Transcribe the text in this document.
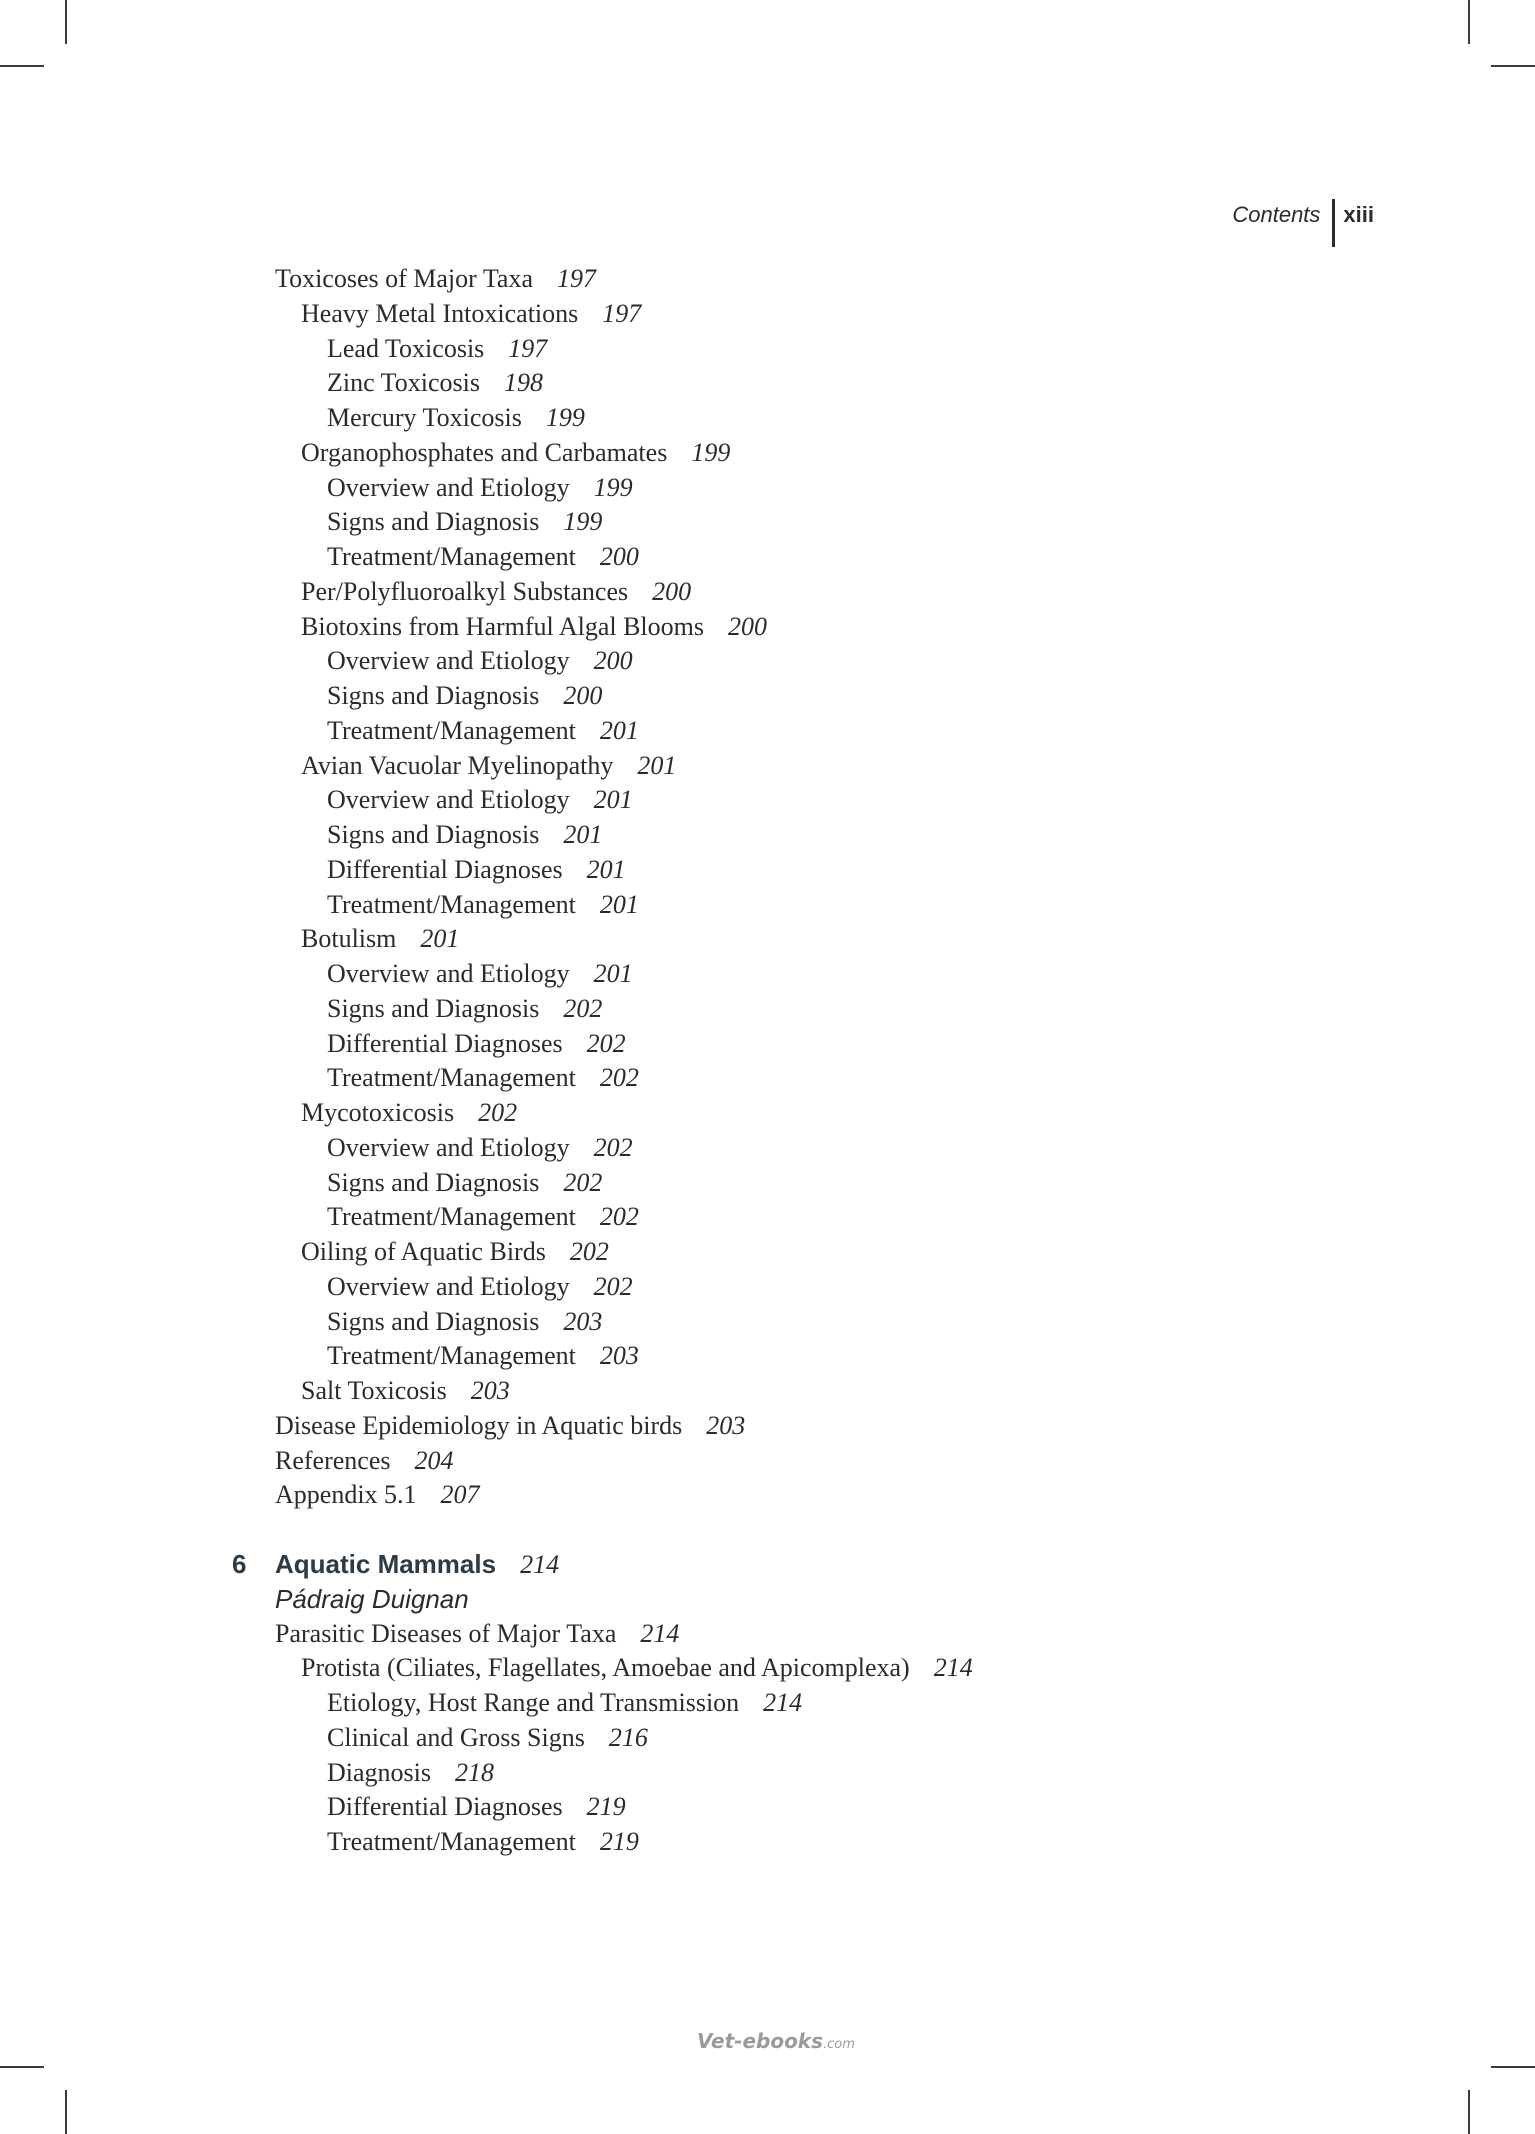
Contents	xiii
Toxicoses of Major Taxa 197
Heavy Metal Intoxications 197
Lead Toxicosis 197
Zinc Toxicosis 198
Mercury Toxicosis 199
Organophosphates and Carbamates 199
Overview and Etiology 199
Signs and Diagnosis 199
Treatment/Management 200
Per/Polyfluoroalkyl Substances 200
Biotoxins from Harmful Algal Blooms 200
Overview and Etiology 200
Signs and Diagnosis 200
Treatment/Management 201
Avian Vacuolar Myelinopathy 201
Overview and Etiology 201
Signs and Diagnosis 201
Differential Diagnoses 201
Treatment/Management 201
Botulism 201
Overview and Etiology 201
Signs and Diagnosis 202
Differential Diagnoses 202
Treatment/Management 202
Mycotoxicosis 202
Overview and Etiology 202
Signs and Diagnosis 202
Treatment/Management 202
Oiling of Aquatic Birds 202
Overview and Etiology 202
Signs and Diagnosis 203
Treatment/Management 203
Salt Toxicosis 203
Disease Epidemiology in Aquatic birds 203
References 204
Appendix 5.1 207
6 Aquatic Mammals 214
Pádraig Duignan
Parasitic Diseases of Major Taxa 214
Protista (Ciliates, Flagellates, Amoebae and Apicomplexa) 214
Etiology, Host Range and Transmission 214
Clinical and Gross Signs 216
Diagnosis 218
Differential Diagnoses 219
Treatment/Management 219
Vet-ebooks.com
